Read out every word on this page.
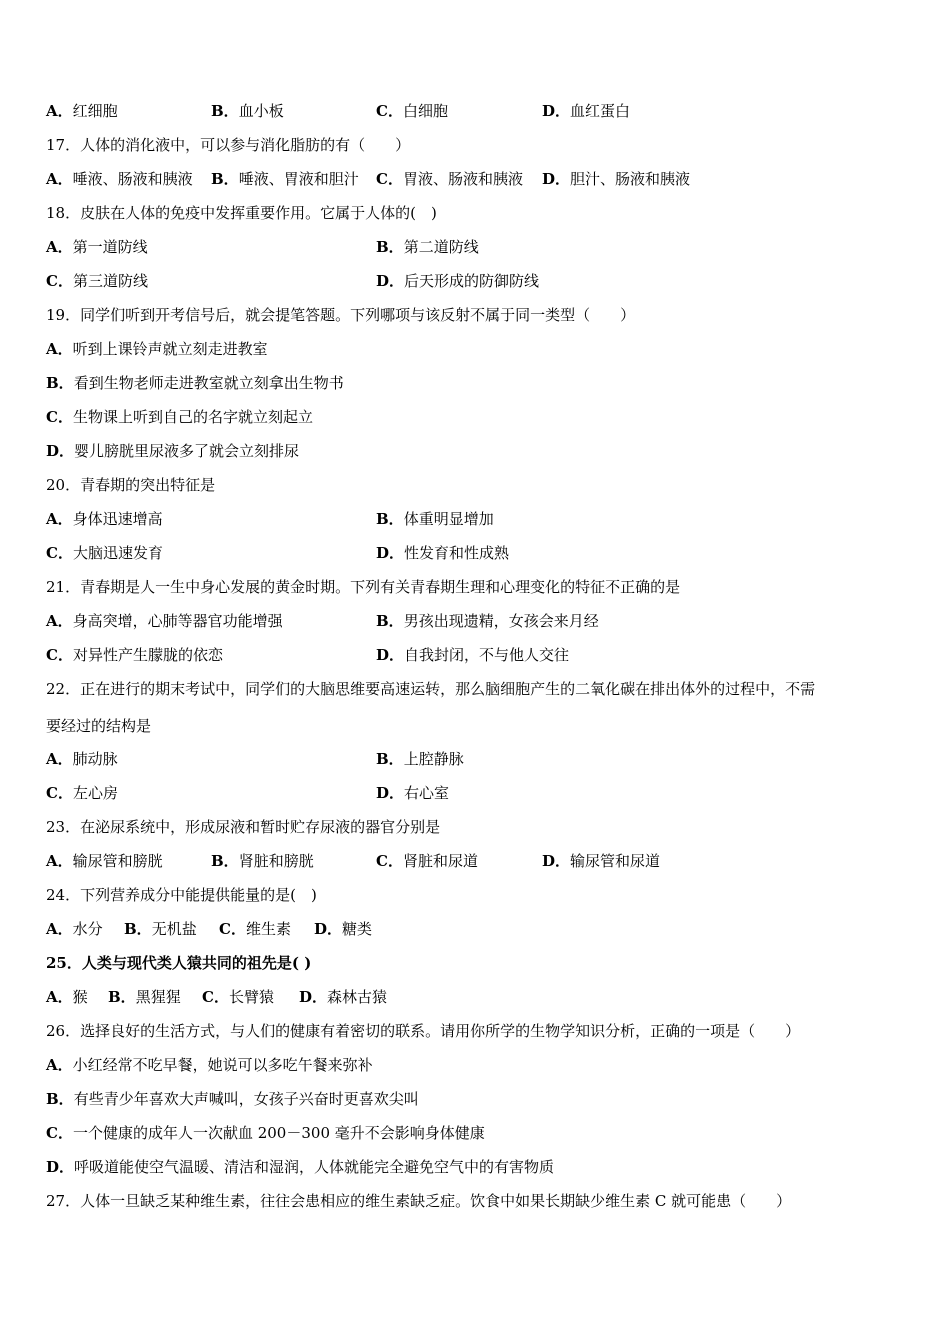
A．红细胞	B．血小板	C．白细胞	D．血红蛋白
17．人体的消化液中，可以参与消化脂肪的有（　　）
A．唾液、肠液和胰液 B．唾液、胃液和胆汁 C．胃液、肠液和胰液 D．胆汁、肠液和胰液
18．皮肤在人体的免疫中发挥重要作用。它属于人体的(　)
A．第一道防线	B．第二道防线
C．第三道防线	D．后天形成的防御防线
19．同学们听到开考信号后，就会提笔答题。下列哪项与该反射不属于同一类型（　　）
A．听到上课铃声就立刻走进教室
B．看到生物老师走进教室就立刻拿出生物书
C．生物课上听到自己的名字就立刻起立
D．婴儿膀胱里尿液多了就会立刻排尿
20．青春期的突出特征是
A．身体迅速增高	B．体重明显增加
C．大脑迅速发育	D．性发育和性成熟
21．青春期是人一生中身心发展的黄金时期。下列有关青春期生理和心理变化的特征不正确的是
A．身高突增，心肺等器官功能增强	B．男孩出现遗精，女孩会来月经
C．对异性产生朦胧的依恋	D．自我封闭，不与他人交往
22．正在进行的期末考试中，同学们的大脑思维要高速运转，那么脑细胞产生的二氧化碳在排出体外的过程中，不需
要经过的结构是
A．肺动脉	B．上腔静脉
C．左心房	D．右心室
23．在泌尿系统中，形成尿液和暂时贮存尿液的器官分别是
A．输尿管和膀胱	B．肾脏和膀胱	C．肾脏和尿道	D．输尿管和尿道
24．下列营养成分中能提供能量的是(　)
A．水分 B．无机盐 C．维生素 D．糖类
25．人类与现代类人猿共同的祖先是( )
A．猴 B．黑猩猩 C．长臂猿 D．森林古猿
26．选择良好的生活方式，与人们的健康有着密切的联系。请用你所学的生物学知识分析，正确的一项是（　　）
A．小红经常不吃早餐，她说可以多吃午餐来弥补
B．有些青少年喜欢大声喊叫，女孩子兴奋时更喜欢尖叫
C．一个健康的成年人一次献血 200－300 毫升不会影响身体健康
D．呼吸道能使空气温暖、清洁和湿润，人体就能完全避免空气中的有害物质
27．人体一旦缺乏某种维生素，往往会患相应的维生素缺乏症。饮食中如果长期缺少维生素 C 就可能患（　　）
